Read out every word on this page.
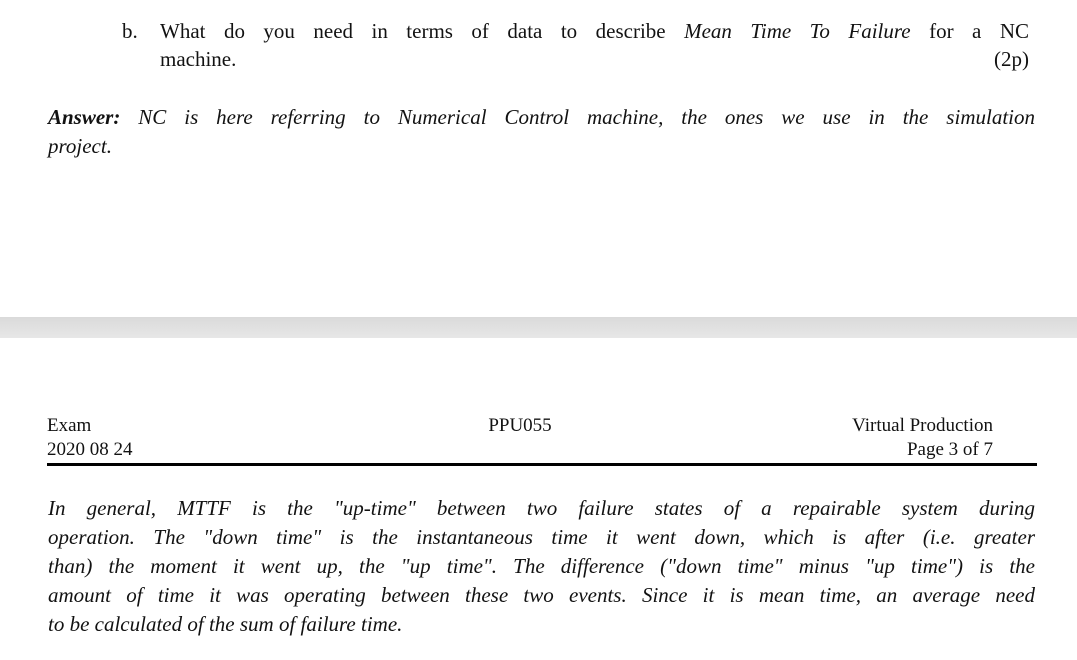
b.	What do you need in terms of data to describe Mean Time To Failure for a NC
machine.	(2p)
Answer: NC is here referring to Numerical Control machine, the ones we use in the simulation
project.
Exam
2020 08 24
PPU055	Virtual Production
Page 3 of 7
In general, MTTF is the "up-time" between two failure states of a repairable system during
operation. The "down time" is the instantaneous time it went down, which is after (i.e. greater
than) the moment it went up, the "up time". The difference ("down time" minus "up time") is the
amount of time it was operating between these two events. Since it is mean time, an average need
to be calculated of the sum of failure time.
